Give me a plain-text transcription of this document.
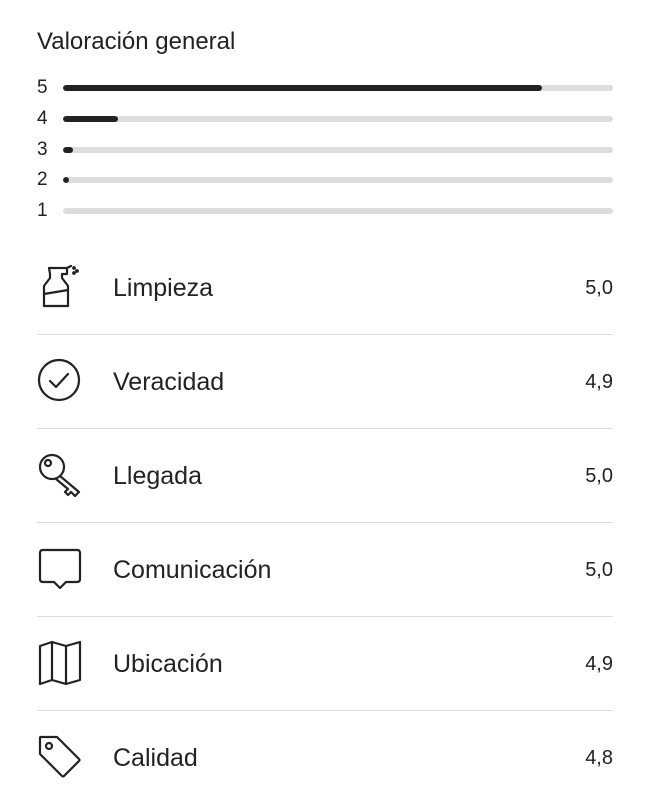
Valoración general
5
4
3
2
1
Limpieza	5,0
Veracidad	4,9
Llegada	5,0
Comunicación	5,0
Ubicación	4,9
Calidad	4,8
